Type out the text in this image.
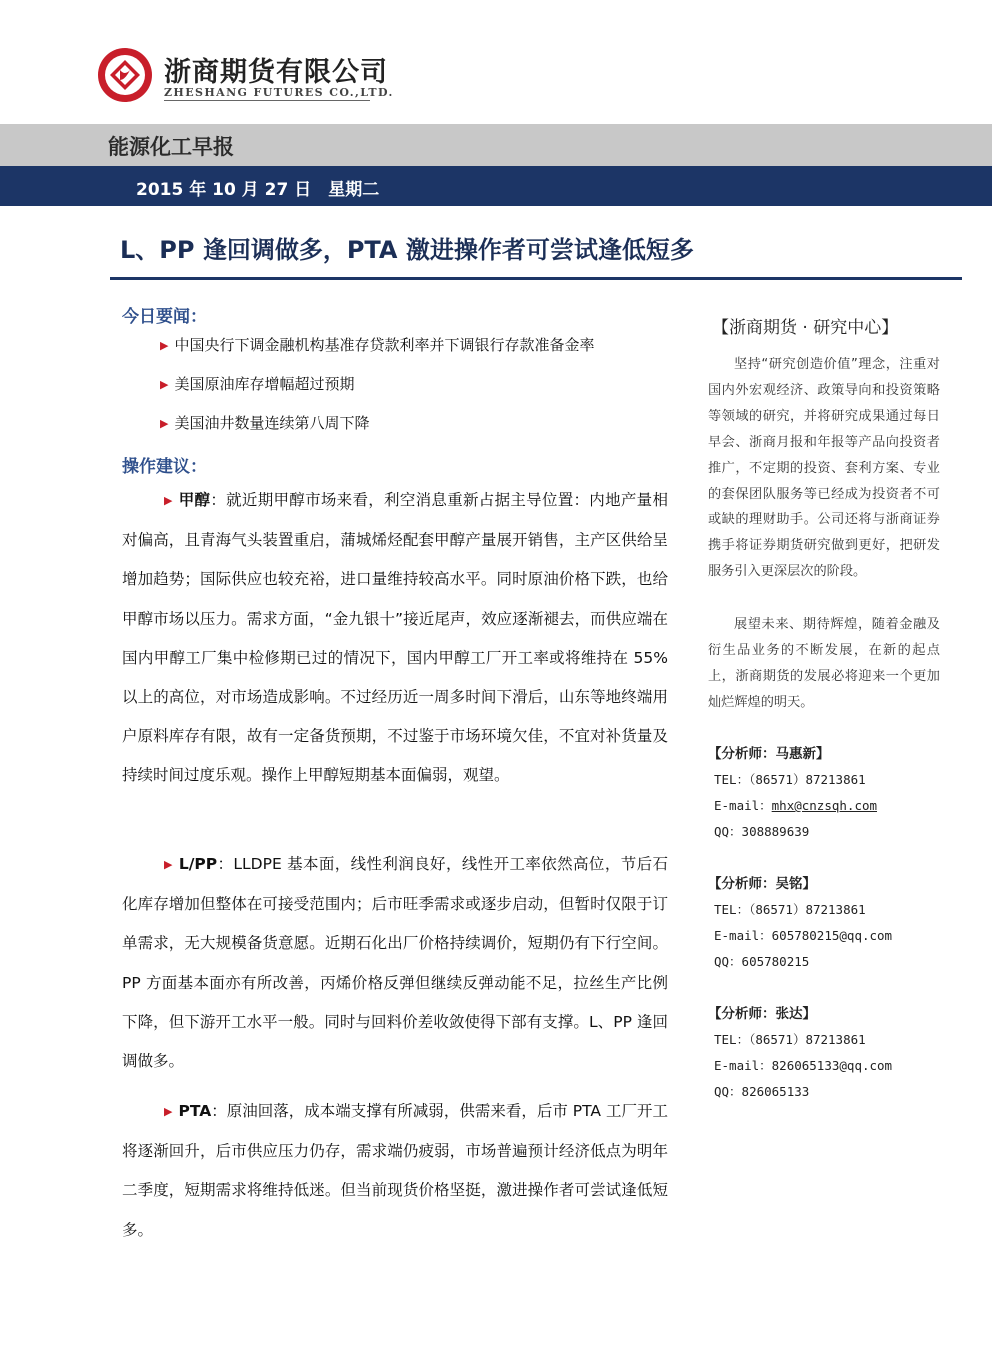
浙商期货有限公司
ZHESHANG FUTURES CO.,LTD.
能源化工早报
2015 年 10 月 27 日　星期二
L、PP 逢回调做多，PTA 激进操作者可尝试逢低短多
今日要闻：
▶ 中国央行下调金融机构基准存贷款利率并下调银行存款准备金率
▶ 美国原油库存增幅超过预期
▶ 美国油井数量连续第八周下降
操作建议：
▶ 甲醇：就近期甲醇市场来看，利空消息重新占据主导位置：内地产量相对偏高，且青海气头装置重启，蒲城烯烃配套甲醇产量展开销售，主产区供给呈增加趋势；国际供应也较充裕，进口量维持较高水平。同时原油价格下跌，也给甲醇市场以压力。需求方面，“金九银十”接近尾声，效应逐渐褪去，而供应端在国内甲醇工厂集中检修期已过的情况下，国内甲醇工厂开工率或将维持在 55%以上的高位，对市场造成影响。不过经历近一周多时间下滑后，山东等地终端用户原料库存有限，故有一定备货预期，不过鉴于市场环境欠佳，不宜对补货量及持续时间过度乐观。操作上甲醇短期基本面偏弱，观望。
▶ L/PP：LLDPE 基本面，线性利润良好，线性开工率依然高位，节后石化库存增加但整体在可接受范围内；后市旺季需求或逐步启动，但暂时仅限于订单需求，无大规模备货意愿。近期石化出厂价格持续调价，短期仍有下行空间。PP 方面基本面亦有所改善，丙烯价格反弹但继续反弹动能不足，拉丝生产比例下降，但下游开工水平一般。同时与回料价差收敛使得下部有支撑。L、PP 逢回调做多。
▶ PTA：原油回落，成本端支撑有所减弱，供需来看，后市 PTA 工厂开工将逐渐回升，后市供应压力仍存，需求端仍疲弱，市场普遍预计经济低点为明年二季度，短期需求将维持低迷。但当前现货价格坚挺，激进操作者可尝试逢低短多。
【浙商期货 · 研究中心】
坚持“研究创造价值”理念，注重对国内外宏观经济、政策导向和投资策略等领域的研究，并将研究成果通过每日早会、浙商月报和年报等产品向投资者推广，不定期的投资、套利方案、专业的套保团队服务等已经成为投资者不可或缺的理财助手。公司还将与浙商证券携手将证券期货研究做到更好，把研发服务引入更深层次的阶段。
展望未来、期待辉煌，随着金融及衍生品业务的不断发展，在新的起点上，浙商期货的发展必将迎来一个更加灿烂辉煌的明天。
【分析师：马惠新】
TEL：（86571）87213861
E-mail：mhx@cnzsqh.com
QQ：308889639
【分析师：吴铭】
TEL：（86571）87213861
E-mail：605780215@qq.com
QQ：605780215
【分析师：张达】
TEL：（86571）87213861
E-mail：826065133@qq.com
QQ：826065133
